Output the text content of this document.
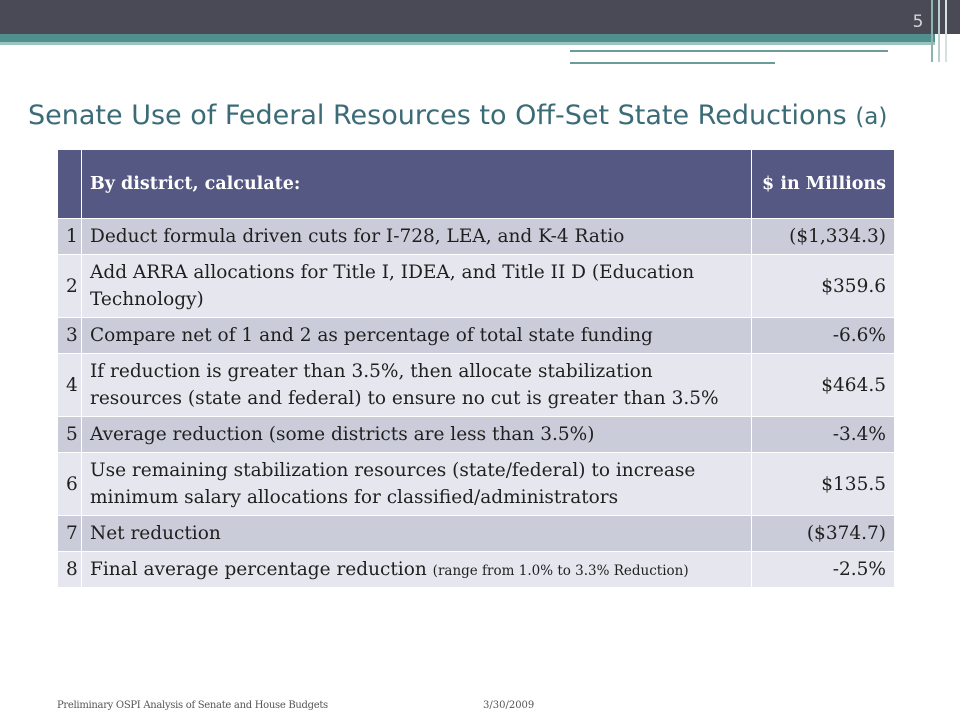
5
Senate Use of Federal Resources to Off-Set State Reductions (a)
	By district, calculate:	$ in Millions
1	Deduct formula driven cuts for I-728, LEA, and K-4 Ratio	($1,334.3)
2	Add ARRA allocations for Title I, IDEA, and Title II D (Education Technology)	$359.6
3	Compare net of 1 and 2 as percentage of total state funding	-6.6%
4	If reduction is greater than 3.5%, then allocate stabilization resources (state and federal) to ensure no cut is greater than 3.5%	$464.5
5	Average reduction (some districts are less than 3.5%)	-3.4%
6	Use remaining stabilization resources (state/federal) to increase minimum salary allocations for classified/administrators	$135.5
7	Net reduction	($374.7)
8	Final average percentage reduction (range from 1.0% to 3.3% Reduction)	-2.5%
Preliminary OSPI Analysis of Senate and House Budgets	3/30/2009
